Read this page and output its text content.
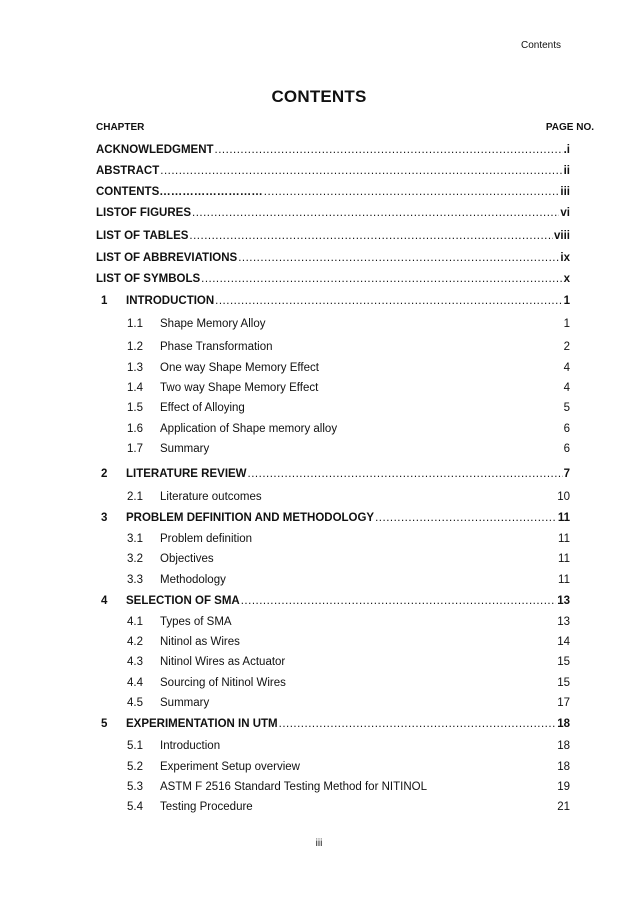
Contents
CONTENTS
CHAPTER	PAGE NO.
ACKNOWLEDGMENT .....	.i
ABSTRACT .....	ii
CONTENTS……………………… .....	iii
LISTOF FIGURES .....	vi
LIST OF TABLES .....	viii
LIST OF ABBREVIATIONS .....	ix
LIST OF SYMBOLS .....	x
1	INTRODUCTION .....	1
1.1	Shape Memory Alloy	1
1.2	Phase Transformation	2
1.3	One way Shape Memory Effect	4
1.4	Two way Shape Memory Effect	4
1.5	Effect of Alloying	5
1.6	Application of Shape memory alloy	6
1.7	Summary	6
2	LITERATURE REVIEW .....	7
2.1	Literature outcomes	10
3	PROBLEM DEFINITION AND METHODOLOGY .....	11
3.1	Problem definition	11
3.2	Objectives	11
3.3	Methodology	11
4	SELECTION OF SMA .....	13
4.1	Types of SMA	13
4.2	Nitinol as Wires	14
4.3	Nitinol Wires as Actuator	15
4.4	Sourcing of Nitinol Wires	15
4.5	Summary	17
5	EXPERIMENTATION IN UTM .....	18
5.1	Introduction	18
5.2	Experiment Setup overview	18
5.3	ASTM F 2516 Standard Testing Method for NITINOL	19
5.4	Testing Procedure	21
iii
